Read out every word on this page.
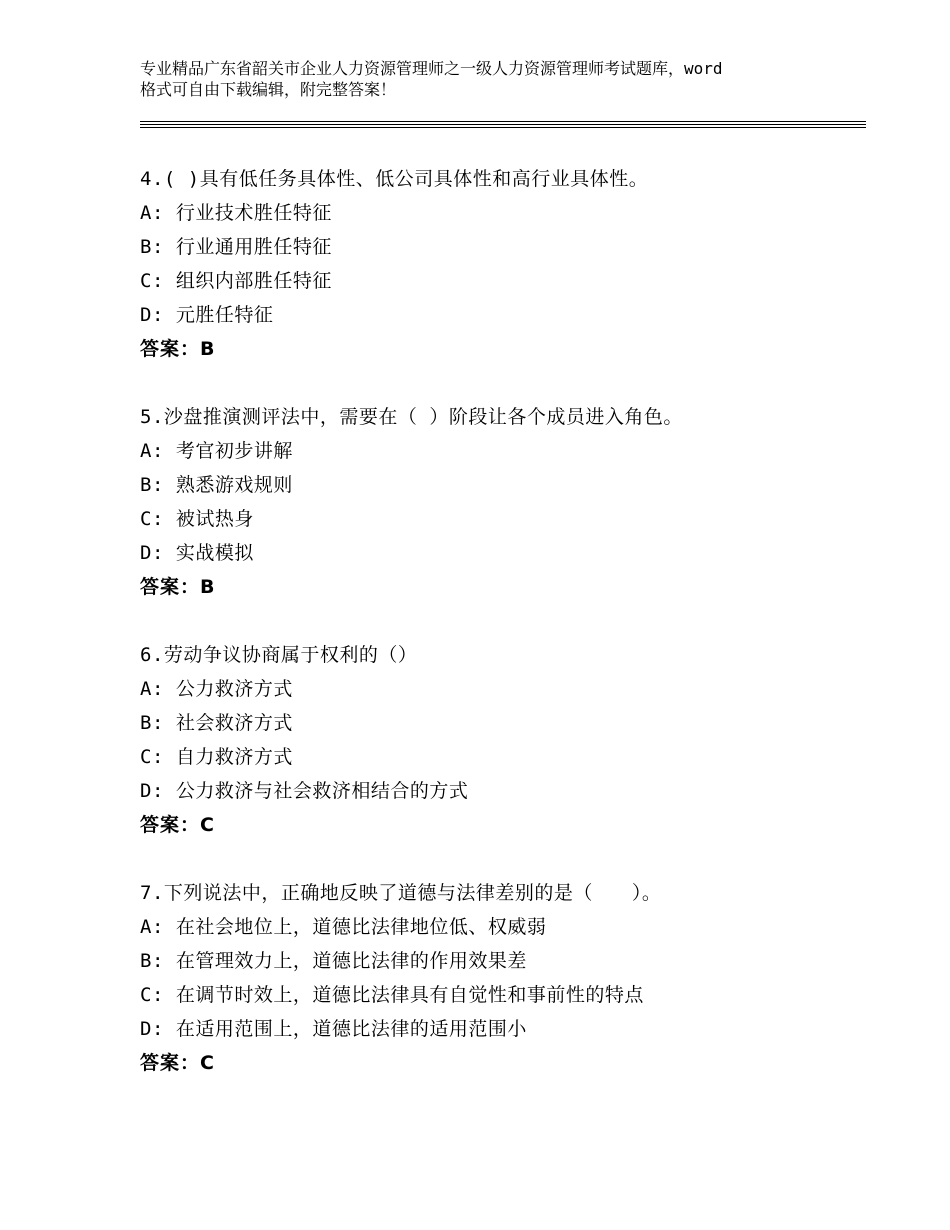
专业精品广东省韶关市企业人力资源管理师之一级人力资源管理师考试题库，word
格式可自由下载编辑，附完整答案！
4.( )具有低任务具体性、低公司具体性和高行业具体性。
A: 行业技术胜任特征
B: 行业通用胜任特征
C: 组织内部胜任特征
D: 元胜任特征
答案：B
5.沙盘推演测评法中，需要在（ ）阶段让各个成员进入角色。
A: 考官初步讲解
B: 熟悉游戏规则
C: 被试热身
D: 实战模拟
答案：B
6.劳动争议协商属于权利的（）
A: 公力救济方式
B: 社会救济方式
C: 自力救济方式
D: 公力救济与社会救济相结合的方式
答案：C
7.下列说法中，正确地反映了道德与法律差别的是（　　）。
A: 在社会地位上，道德比法律地位低、权威弱
B: 在管理效力上，道德比法律的作用效果差
C: 在调节时效上，道德比法律具有自觉性和事前性的特点
D: 在适用范围上，道德比法律的适用范围小
答案：C
